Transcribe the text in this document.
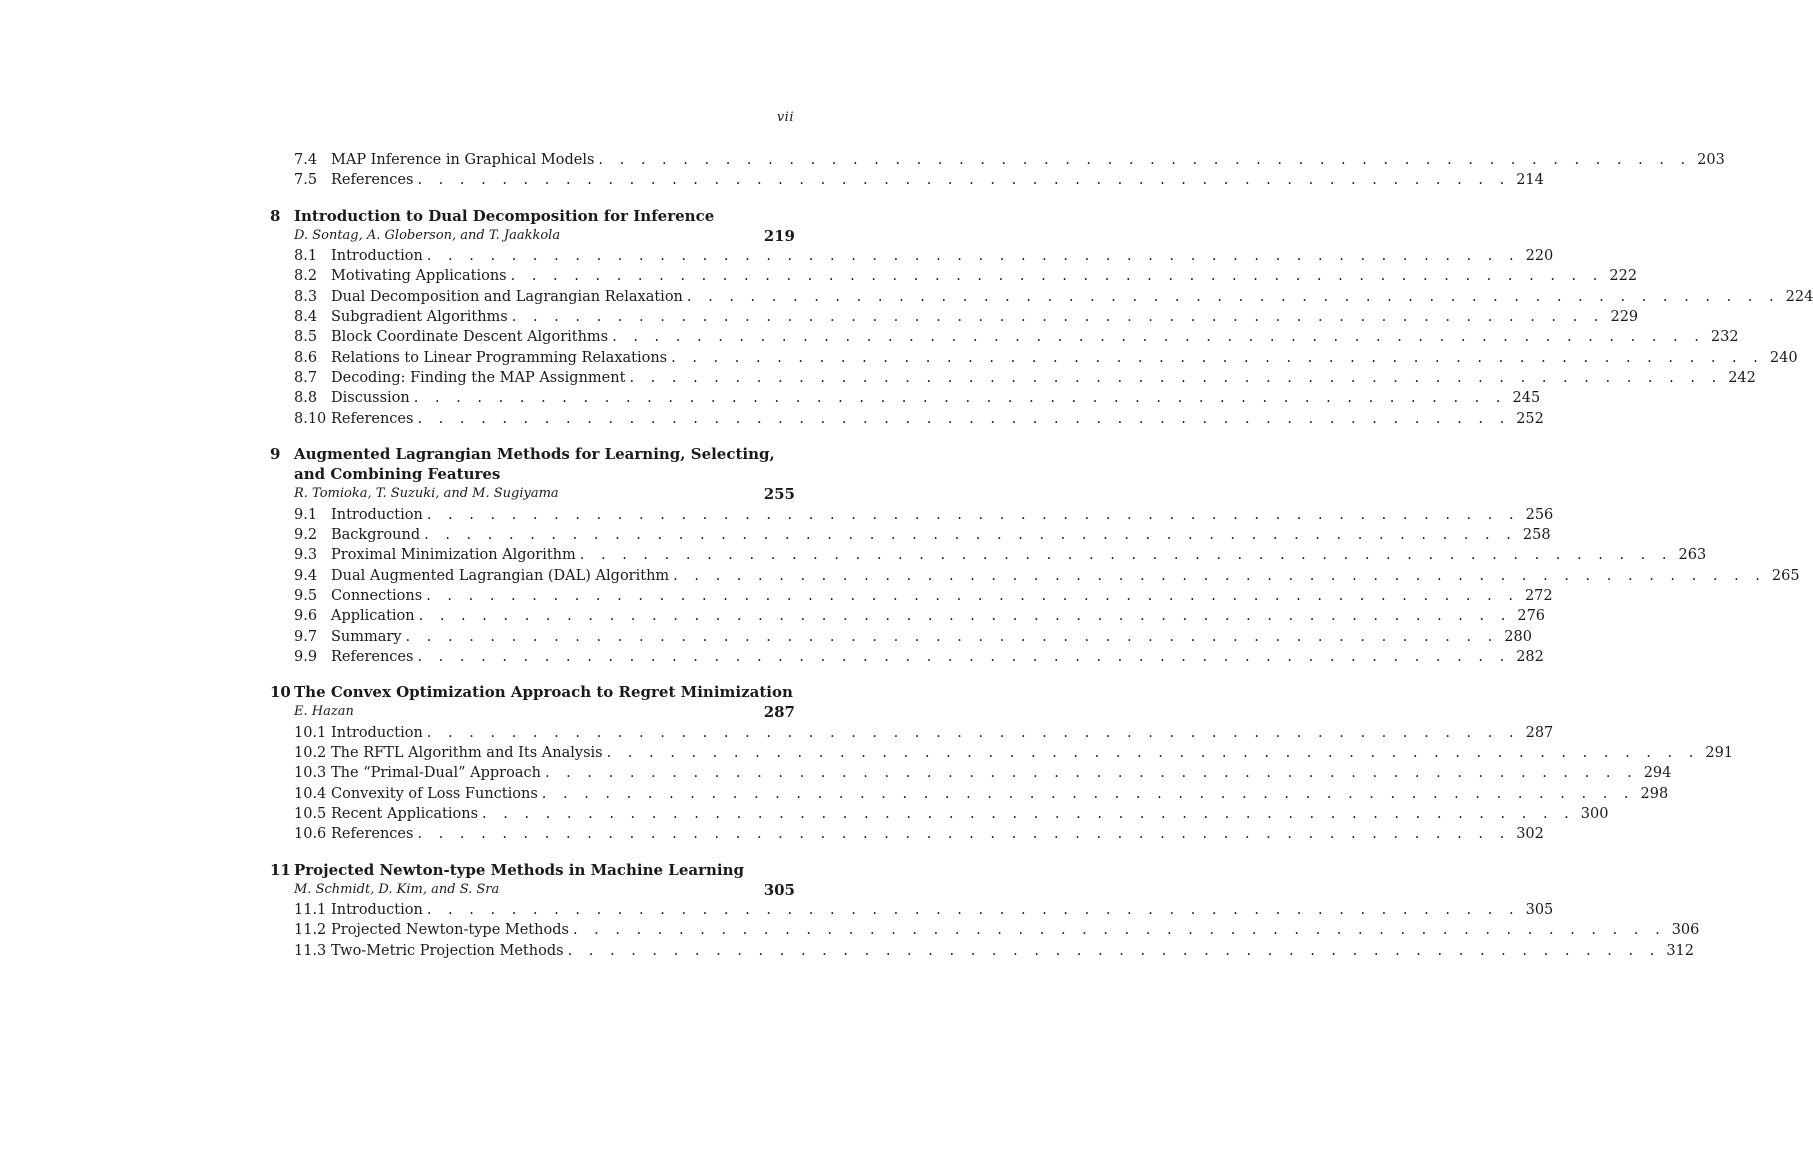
vii
7.4 MAP Inference in Graphical Models . . . . . . . . . . . . . . . . . . . . . . . . . . . . . . . . . . . . . . . . . . . . . . . . . . . . 203
7.5 References . . . . . . . . . . . . . . . . . . . . . . . . . . . . . . . . . . . . . . . . . . . . . . . . . . . . 214
8 Introduction to Dual Decomposition for Inference
D. Sontag, A. Globerson, and T. Jaakkola	219
8.1 Introduction . . . . . . . . . . . . . . . . . . . . . . . . . . . . . . . . . . . . . . . . . . . . . . . . . . . . 220
8.2 Motivating Applications . . . . . . . . . . . . . . . . . . . . . . . . . . . . . . . . . . . . . . . . . . . . . . . . . . . . 222
8.3 Dual Decomposition and Lagrangian Relaxation . . . . . . . . . . . . . . . . . . . . . . . . . . . . . . . . . . . . . . . . . . . . . . . . . . . . 224
8.4 Subgradient Algorithms . . . . . . . . . . . . . . . . . . . . . . . . . . . . . . . . . . . . . . . . . . . . . . . . . . . . 229
8.5 Block Coordinate Descent Algorithms . . . . . . . . . . . . . . . . . . . . . . . . . . . . . . . . . . . . . . . . . . . . . . . . . . . . 232
8.6 Relations to Linear Programming Relaxations . . . . . . . . . . . . . . . . . . . . . . . . . . . . . . . . . . . . . . . . . . . . . . . . . . . . 240
8.7 Decoding: Finding the MAP Assignment . . . . . . . . . . . . . . . . . . . . . . . . . . . . . . . . . . . . . . . . . . . . . . . . . . . . 242
8.8 Discussion . . . . . . . . . . . . . . . . . . . . . . . . . . . . . . . . . . . . . . . . . . . . . . . . . . . . 245
8.10 References . . . . . . . . . . . . . . . . . . . . . . . . . . . . . . . . . . . . . . . . . . . . . . . . . . . . 252
9 Augmented Lagrangian Methods for Learning, Selecting, and Combining Features
R. Tomioka, T. Suzuki, and M. Sugiyama	255
9.1 Introduction . . . . . . . . . . . . . . . . . . . . . . . . . . . . . . . . . . . . . . . . . . . . . . . . . . . . 256
9.2 Background . . . . . . . . . . . . . . . . . . . . . . . . . . . . . . . . . . . . . . . . . . . . . . . . . . . . 258
9.3 Proximal Minimization Algorithm . . . . . . . . . . . . . . . . . . . . . . . . . . . . . . . . . . . . . . . . . . . . . . . . . . . . 263
9.4 Dual Augmented Lagrangian (DAL) Algorithm . . . . . . . . . . . . . . . . . . . . . . . . . . . . . . . . . . . . . . . . . . . . . . . . . . . . 265
9.5 Connections . . . . . . . . . . . . . . . . . . . . . . . . . . . . . . . . . . . . . . . . . . . . . . . . . . . . 272
9.6 Application . . . . . . . . . . . . . . . . . . . . . . . . . . . . . . . . . . . . . . . . . . . . . . . . . . . . 276
9.7 Summary . . . . . . . . . . . . . . . . . . . . . . . . . . . . . . . . . . . . . . . . . . . . . . . . . . . . 280
9.9 References . . . . . . . . . . . . . . . . . . . . . . . . . . . . . . . . . . . . . . . . . . . . . . . . . . . . 282
10 The Convex Optimization Approach to Regret Minimization
E. Hazan	287
10.1 Introduction . . . . . . . . . . . . . . . . . . . . . . . . . . . . . . . . . . . . . . . . . . . . . . . . . . . . 287
10.2 The RFTL Algorithm and Its Analysis . . . . . . . . . . . . . . . . . . . . . . . . . . . . . . . . . . . . . . . . . . . . . . . . . . . . 291
10.3 The “Primal-Dual” Approach . . . . . . . . . . . . . . . . . . . . . . . . . . . . . . . . . . . . . . . . . . . . . . . . . . . . 294
10.4 Convexity of Loss Functions . . . . . . . . . . . . . . . . . . . . . . . . . . . . . . . . . . . . . . . . . . . . . . . . . . . . 298
10.5 Recent Applications . . . . . . . . . . . . . . . . . . . . . . . . . . . . . . . . . . . . . . . . . . . . . . . . . . . . 300
10.6 References . . . . . . . . . . . . . . . . . . . . . . . . . . . . . . . . . . . . . . . . . . . . . . . . . . . . 302
11 Projected Newton-type Methods in Machine Learning
M. Schmidt, D. Kim, and S. Sra	305
11.1 Introduction . . . . . . . . . . . . . . . . . . . . . . . . . . . . . . . . . . . . . . . . . . . . . . . . . . . . 305
11.2 Projected Newton-type Methods . . . . . . . . . . . . . . . . . . . . . . . . . . . . . . . . . . . . . . . . . . . . . . . . . . . . 306
11.3 Two-Metric Projection Methods . . . . . . . . . . . . . . . . . . . . . . . . . . . . . . . . . . . . . . . . . . . . . . . . . . . . 312
